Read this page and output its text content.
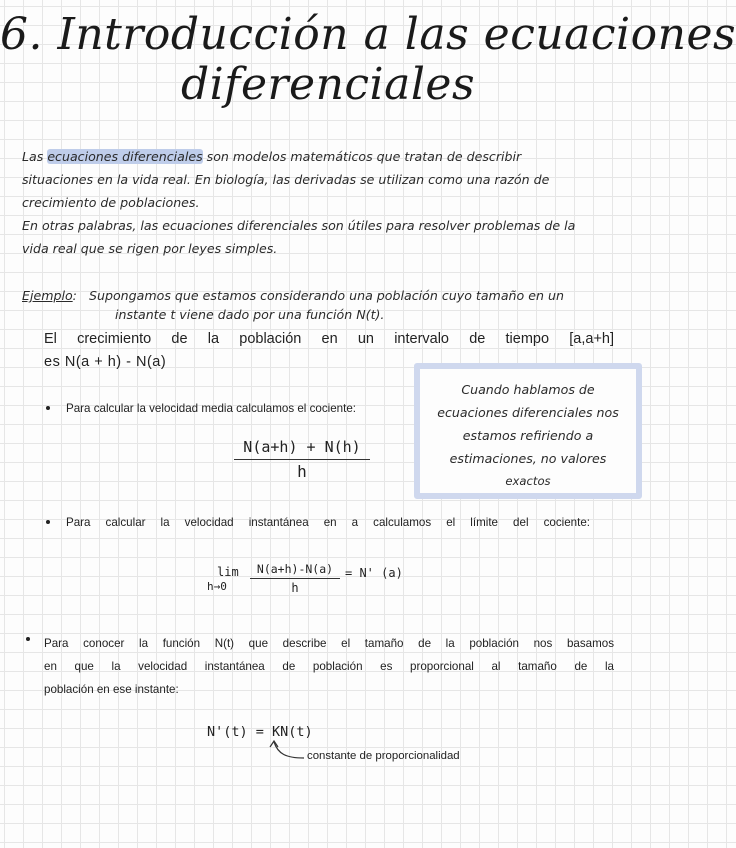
6. Introducción a las ecuaciones
diferenciales
Las ecuaciones diferenciales son modelos matemáticos que tratan de describir
situaciones en la vida real. En biología, las derivadas se utilizan como una razón de
crecimiento de poblaciones.
En otras palabras, las ecuaciones diferenciales son útiles para resolver problemas de la
vida real que se rigen por leyes simples.
Ejemplo: Supongamos que estamos considerando una población cuyo tamaño en un
instante t viene dado por una función N(t).
El crecimiento de la población en un intervalo de tiempo [a,a+h]
es N(a + h) - N(a)
Para calcular la velocidad media calculamos el cociente:
N(a+h) + N(h)
h
Cuando hablamos de
ecuaciones diferenciales nos
estamos refiriendo a
estimaciones, no valores
exactos
Para calcular la velocidad instantánea en a calculamos el límite del cociente:
lim
h→0
N(a+h)-N(a)
h
= N' (a)
Para conocer la función N(t) que describe el tamaño de la población nos basamos
en que la velocidad instantánea de población es proporcional al tamaño de la
población en ese instante:
N'(t) = KN(t)
constante de proporcionalidad
